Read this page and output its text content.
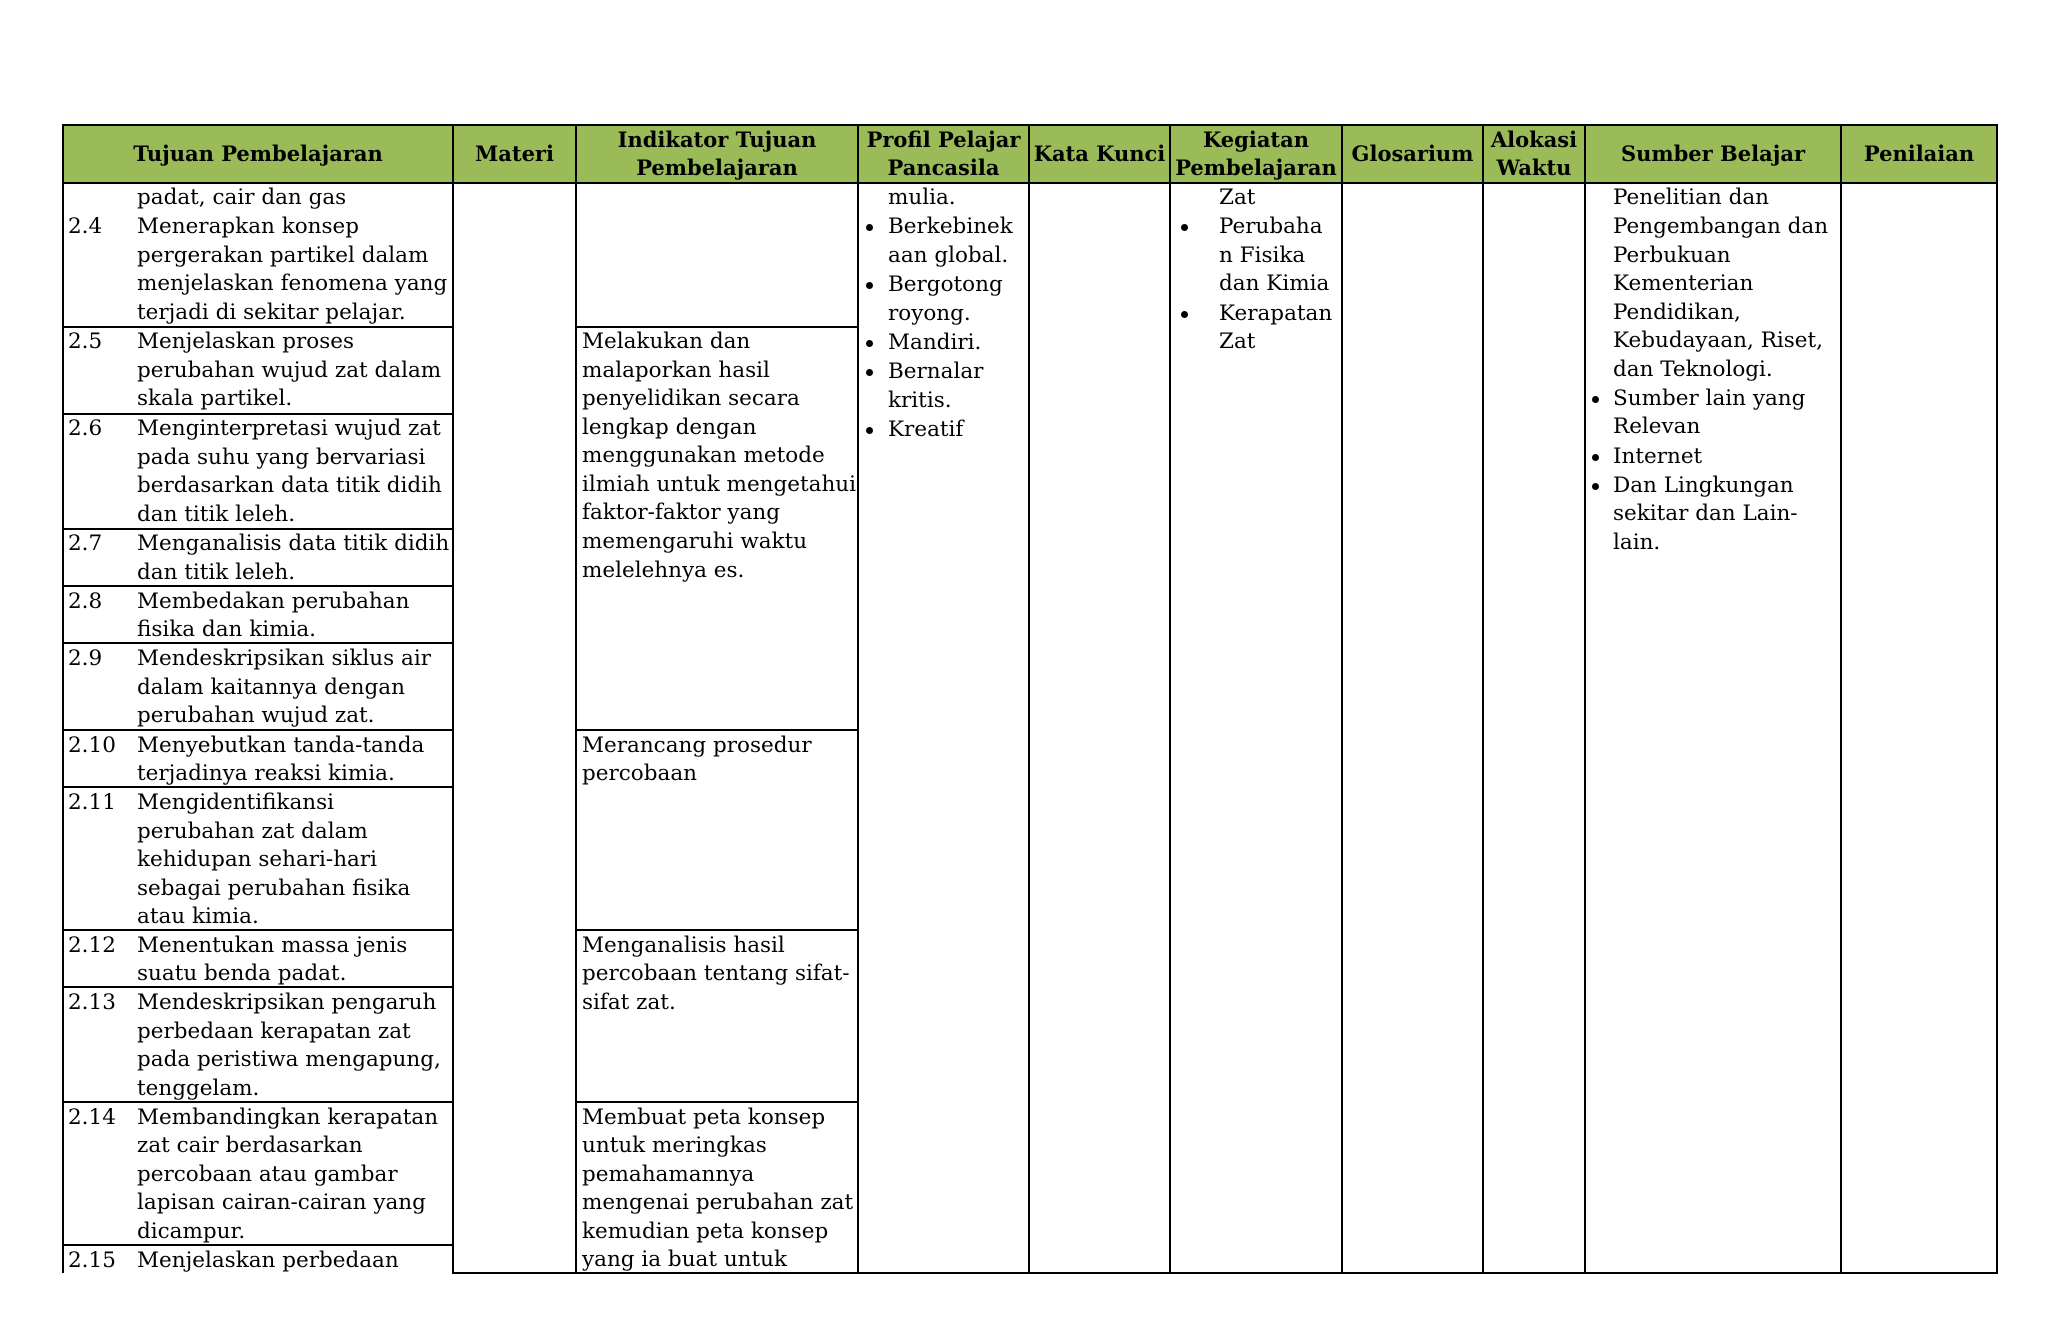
Tujuan Pembelajaran	Materi
Indikator Tujuan
Pembelajaran
Profil Pelajar
Pancasila
Kata Kunci
Kegiatan
Pembelajaran
Glosarium
Alokasi
Waktu
Sumber Belajar	Penilaian
padat, cair dan gas
2.4 Menerapkan konsep
pergerakan partikel dalam
menjelaskan fenomena yang
terjadi di sekitar pelajar.
2.5 Menjelaskan proses
perubahan wujud zat dalam
skala partikel.
2.6 Menginterpretasi wujud zat
pada suhu yang bervariasi
berdasarkan data titik didih
dan titik leleh.
2.7 Menganalisis data titik didih
dan titik leleh.
2.8 Membedakan perubahan
fisika dan kimia.
2.9 Mendeskripsikan siklus air
dalam kaitannya dengan
perubahan wujud zat.
2.10 Menyebutkan tanda-tanda
terjadinya reaksi kimia.
2.11 Mengidentifikansi
perubahan zat dalam
kehidupan sehari-hari
sebagai perubahan fisika
atau kimia.
2.12 Menentukan massa jenis
suatu benda padat.
2.13 Mendeskripsikan pengaruh
perbedaan kerapatan zat
pada peristiwa mengapung,
tenggelam.
2.14 Membandingkan kerapatan
zat cair berdasarkan
percobaan atau gambar
lapisan cairan-cairan yang
dicampur.
2.15 Menjelaskan perbedaan
Melakukan dan
malaporkan hasil
penyelidikan secara
lengkap dengan
menggunakan metode
ilmiah untuk mengetahui
faktor-faktor yang
memengaruhi waktu
melelehnya es.
Merancang prosedur
percobaan
Menganalisis hasil
percobaan tentang sifat-
sifat zat.
Membuat peta konsep
untuk meringkas
pemahamannya
mengenai perubahan zat
kemudian peta konsep
yang ia buat untuk
mulia.
Berkebinek
aan global.
Bergotong
royong.
Mandiri.
Bernalar
kritis.
Kreatif
Zat
Perubaha
n Fisika
dan Kimia
Kerapatan
Zat
Penelitian dan
Pengembangan dan
Perbukuan
Kementerian
Pendidikan,
Kebudayaan, Riset,
dan Teknologi.
Sumber lain yang
Relevan
Internet
Dan Lingkungan
sekitar dan Lain-
lain.
